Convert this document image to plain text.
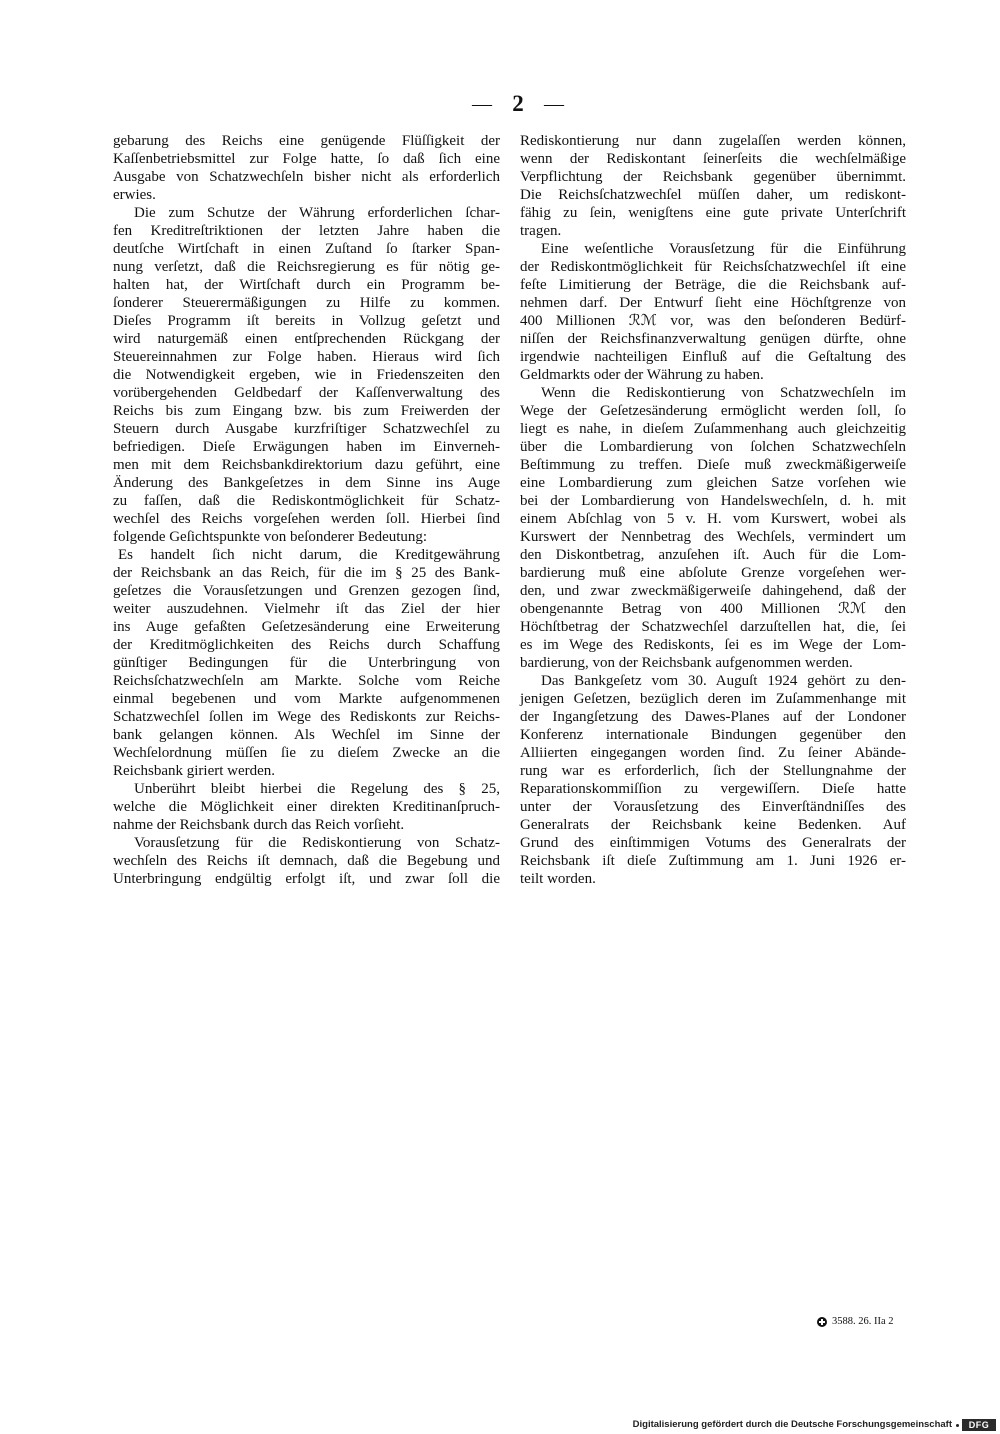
— 2 —
gebarung des Reichs eine genügende Flüſſigkeit der
Kaſſenbetriebsmittel zur Folge hatte, ſo daß ſich eine
Ausgabe von Schatzwechſeln bisher nicht als erforderlich
erwies.
Die zum Schutze der Währung erforderlichen ſchar-
fen Kreditreſtriktionen der letzten Jahre haben die
deutſche Wirtſchaft in einen Zuſtand ſo ſtarker Span-
nung verſetzt, daß die Reichsregierung es für nötig ge-
halten hat, der Wirtſchaft durch ein Programm be-
ſonderer Steuerermäßigungen zu Hilfe zu kommen.
Dieſes Programm iſt bereits in Vollzug geſetzt und
wird naturgemäß einen entſprechenden Rückgang der
Steuereinnahmen zur Folge haben. Hieraus wird ſich
die Notwendigkeit ergeben, wie in Friedenszeiten den
vorübergehenden Geldbedarf der Kaſſenverwaltung des
Reichs bis zum Eingang bzw. bis zum Freiwerden der
Steuern durch Ausgabe kurzfriſtiger Schatzwechſel zu
befriedigen. Dieſe Erwägungen haben im Einverneh-
men mit dem Reichsbankdirektorium dazu geführt, eine
Änderung des Bankgeſetzes in dem Sinne ins Auge
zu faſſen, daß die Rediskontmöglichkeit für Schatz-
wechſel des Reichs vorgeſehen werden ſoll. Hierbei ſind
folgende Geſichtspunkte von beſonderer Bedeutung:
Es handelt ſich nicht darum, die Kreditgewährung
der Reichsbank an das Reich, für die im § 25 des Bank-
geſetzes die Vorausſetzungen und Grenzen gezogen ſind,
weiter auszudehnen. Vielmehr iſt das Ziel der hier
ins Auge gefaßten Geſetzesänderung eine Erweiterung
der Kreditmöglichkeiten des Reichs durch Schaffung
günſtiger Bedingungen für die Unterbringung von
Reichsſchatzwechſeln am Markte. Solche vom Reiche
einmal begebenen und vom Markte aufgenommenen
Schatzwechſel ſollen im Wege des Rediskonts zur Reichs-
bank gelangen können. Als Wechſel im Sinne der
Wechſelordnung müſſen ſie zu dieſem Zwecke an die
Reichsbank giriert werden.
Unberührt bleibt hierbei die Regelung des § 25,
welche die Möglichkeit einer direkten Kreditinanſpruch-
nahme der Reichsbank durch das Reich vorſieht.
Vorausſetzung für die Rediskontierung von Schatz-
wechſeln des Reichs iſt demnach, daß die Begebung und
Unterbringung endgültig erfolgt iſt, und zwar ſoll die
Rediskontierung nur dann zugelaſſen werden können,
wenn der Rediskontant ſeinerſeits die wechſelmäßige
Verpflichtung der Reichsbank gegenüber übernimmt.
Die Reichsſchatzwechſel müſſen daher, um rediskont-
fähig zu ſein, wenigſtens eine gute private Unterſchrift
tragen.
Eine weſentliche Vorausſetzung für die Einführung
der Rediskontmöglichkeit für Reichsſchatzwechſel iſt eine
feſte Limitierung der Beträge, die die Reichsbank auf-
nehmen darf. Der Entwurf ſieht eine Höchſtgrenze von
400 Millionen ℛℳ vor, was den beſonderen Bedürf-
niſſen der Reichsfinanzverwaltung genügen dürfte, ohne
irgendwie nachteiligen Einfluß auf die Geſtaltung des
Geldmarkts oder der Währung zu haben.
Wenn die Rediskontierung von Schatzwechſeln im
Wege der Geſetzesänderung ermöglicht werden ſoll, ſo
liegt es nahe, in dieſem Zuſammenhang auch gleichzeitig
über die Lombardierung von ſolchen Schatzwechſeln
Beſtimmung zu treffen. Dieſe muß zweckmäßigerweiſe
eine Lombardierung zum gleichen Satze vorſehen wie
bei der Lombardierung von Handelswechſeln, d. h. mit
einem Abſchlag von 5 v. H. vom Kurswert, wobei als
Kurswert der Nennbetrag des Wechſels, vermindert um
den Diskontbetrag, anzuſehen iſt. Auch für die Lom-
bardierung muß eine abſolute Grenze vorgeſehen wer-
den, und zwar zweckmäßigerweiſe dahingehend, daß der
obengenannte Betrag von 400 Millionen ℛℳ den
Höchſtbetrag der Schatzwechſel darzuſtellen hat, die, ſei
es im Wege des Rediskonts, ſei es im Wege der Lom-
bardierung, von der Reichsbank aufgenommen werden.
Das Bankgeſetz vom 30. Auguſt 1924 gehört zu den-
jenigen Geſetzen, bezüglich deren im Zuſammenhange mit
der Ingangſetzung des Dawes-Planes auf der Londoner
Konferenz internationale Bindungen gegenüber den
Alliierten eingegangen worden ſind. Zu ſeiner Abände-
rung war es erforderlich, ſich der Stellungnahme der
Reparationskommiſſion zu vergewiſſern. Dieſe hatte
unter der Vorausſetzung des Einverſtändniſſes des
Generalrats der Reichsbank keine Bedenken. Auf
Grund des einſtimmigen Votums des Generalrats der
Reichsbank iſt dieſe Zuſtimmung am 1. Juni 1926 er-
teilt worden.
3588. 26. IIa 2
Digitalisierung gefördert durch die Deutsche Forschungsgemeinschaft	DFG
